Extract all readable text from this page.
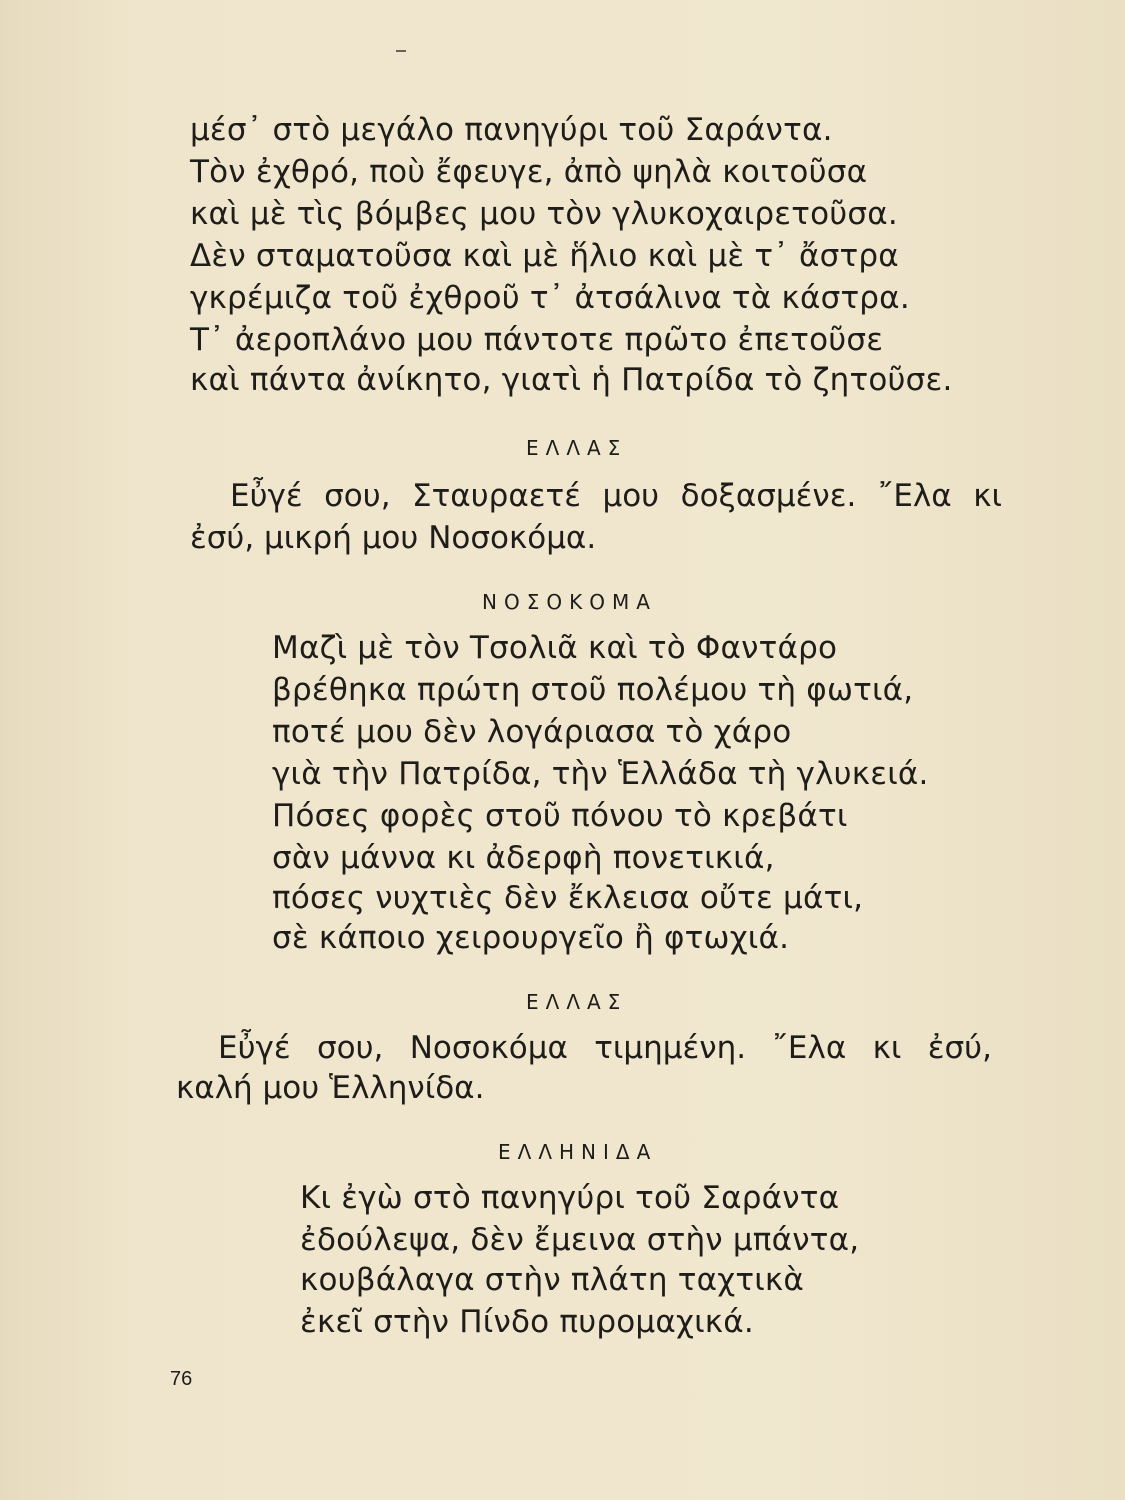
μέσ᾽ στὸ μεγάλο πανηγύρι τοῦ Σαράντα.
Τὸν ἐχθρό, ποὺ ἔφευγε, ἀπὸ ψηλὰ κοιτοῦσα
καὶ μὲ τὶς βόμβες μου τὸν γλυκοχαιρετοῦσα.
Δὲν σταματοῦσα καὶ μὲ ἥλιο καὶ μὲ τ᾽ ἄστρα
γκρέμιζα τοῦ ἐχθροῦ τ᾽ ἀτσάλινα τὰ κάστρα.
Τ᾽ ἀεροπλάνο μου πάντοτε πρῶτο ἐπετοῦσε
καὶ πάντα ἀνίκητο, γιατὶ ἡ Πατρίδα τὸ ζητοῦσε.
ΕΛΛΑΣ
Εὖγέ σου, Σταυραετέ μου δοξασμένε. ῎Ελα κι
ἐσύ, μικρή μου Νοσοκόμα.
ΝΟΣΟΚΟΜΑ
Μαζὶ μὲ τὸν Τσολιᾶ καὶ τὸ Φαντάρο
βρέθηκα πρώτη στοῦ πολέμου τὴ φωτιά,
ποτέ μου δὲν λογάριασα τὸ χάρο
γιὰ τὴν Πατρίδα, τὴν Ἑλλάδα τὴ γλυκειά.
Πόσες φορὲς στοῦ πόνου τὸ κρεβάτι
σὰν μάννα κι ἀδερφὴ πονετικιά,
πόσες νυχτιὲς δὲν ἔκλεισα οὔτε μάτι,
σὲ κάποιο χειρουργεῖο ἢ φτωχιά.
ΕΛΛΑΣ
Εὖγέ σου, Νοσοκόμα τιμημένη. ῎Ελα κι ἐσύ,
καλή μου Ἑλληνίδα.
ΕΛΛΗΝΙΔΑ
Κι ἐγὼ στὸ πανηγύρι τοῦ Σαράντα
ἐδούλεψα, δὲν ἔμεινα στὴν μπάντα,
κουβάλαγα στὴν πλάτη ταχτικὰ
ἐκεῖ στὴν Πίνδο πυρομαχικά.
76
